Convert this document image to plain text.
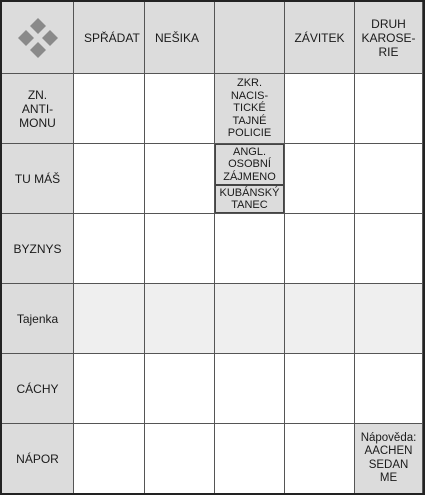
SPŘÁDAT NEŠIKA	ZÁVITEK
DRUH
KAROSE-
RIE
ZN.
ANTI-
MONU
ZKR.
NACIS-
TICKÉ
TAJNÉ
POLICIE
TU MÁŠ
ANGL.
OSOBNÍ
ZÁJMENO
KUBÁNSKÝ
TANEC
BYZNYS
Tajenka
CÁCHY
NÁPOR
Nápověda:
AACHEN
SEDAN
ME
